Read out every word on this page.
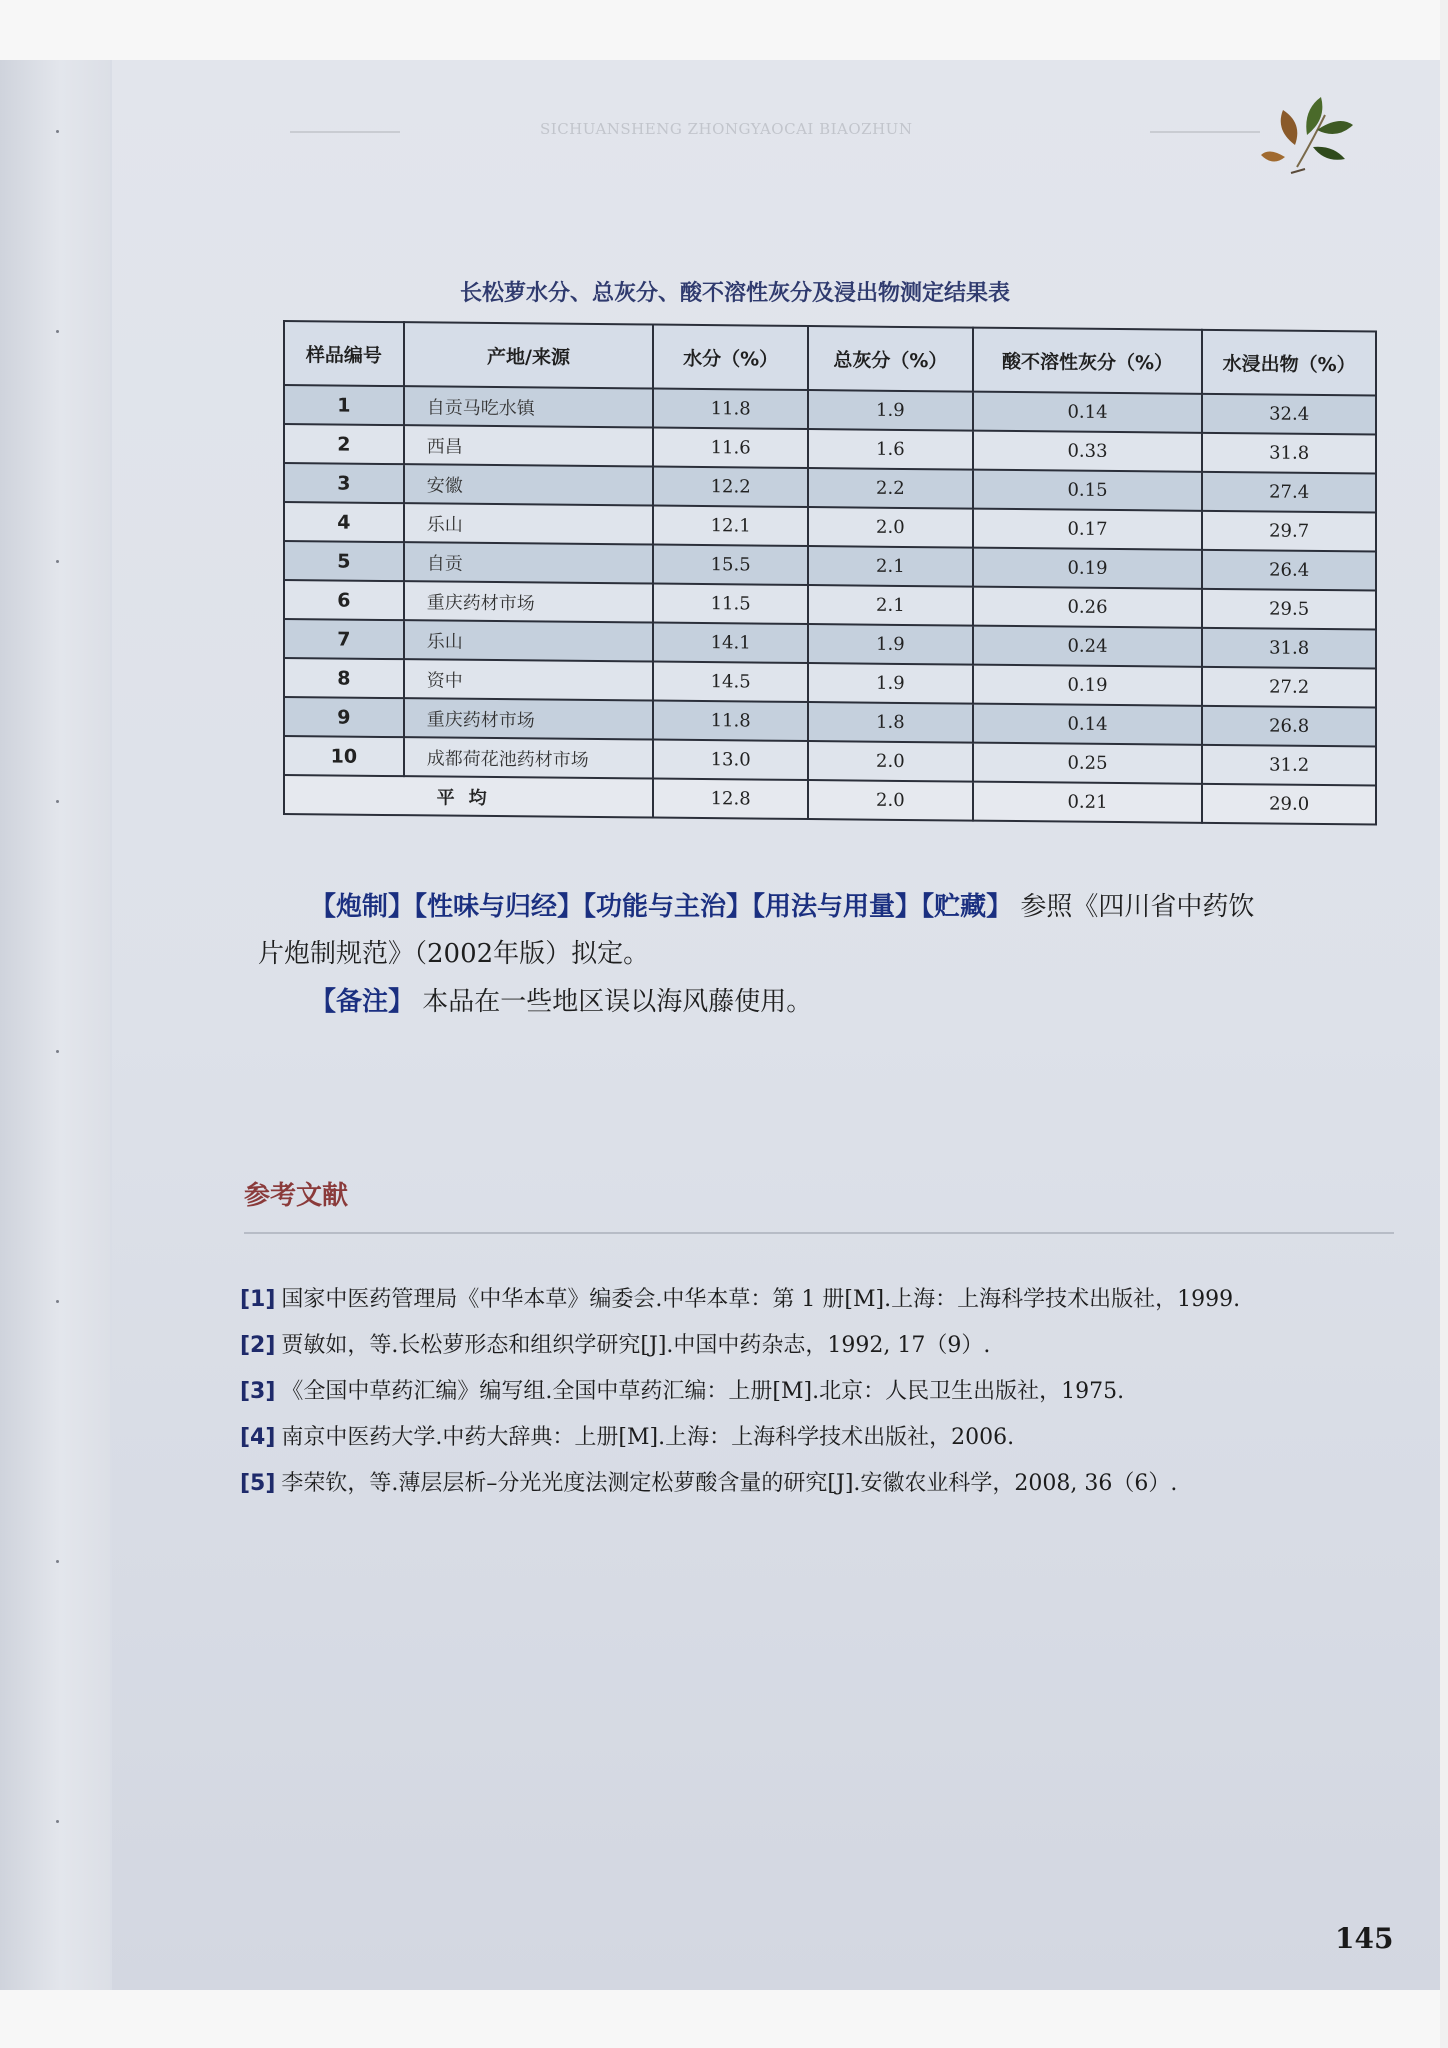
SICHUANSHENG ZHONGYAOCAI BIAOZHUN
长松萝水分、总灰分、酸不溶性灰分及浸出物测定结果表
样品编号	产地/来源	水分（%）	总灰分（%）	酸不溶性灰分（%）	水浸出物（%）
1	自贡马吃水镇	11.8	1.9	0.14	32.4
2	西昌	11.6	1.6	0.33	31.8
3	安徽	12.2	2.2	0.15	27.4
4	乐山	12.1	2.0	0.17	29.7
5	自贡	15.5	2.1	0.19	26.4
6	重庆药材市场	11.5	2.1	0.26	29.5
7	乐山	14.1	1.9	0.24	31.8
8	资中	14.5	1.9	0.19	27.2
9	重庆药材市场	11.8	1.8	0.14	26.8
10	成都荷花池药材市场	13.0	2.0	0.25	31.2
平均		12.8	2.0	0.21	29.0
【炮制】【性味与归经】【功能与主治】【用法与用量】【贮藏】 参照《四川省中药饮
片炮制规范》（2002年版）拟定。
【备注】 本品在一些地区误以海风藤使用。
参考文献
[1] 国家中医药管理局《中华本草》编委会.中华本草：第 1 册[M].上海：上海科学技术出版社，1999.
[2] 贾敏如，等.长松萝形态和组织学研究[J].中国中药杂志，1992, 17（9）.
[3] 《全国中草药汇编》编写组.全国中草药汇编：上册[M].北京：人民卫生出版社，1975.
[4] 南京中医药大学.中药大辞典：上册[M].上海：上海科学技术出版社，2006.
[5] 李荣钦，等.薄层层析–分光光度法测定松萝酸含量的研究[J].安徽农业科学，2008, 36（6）.
145
